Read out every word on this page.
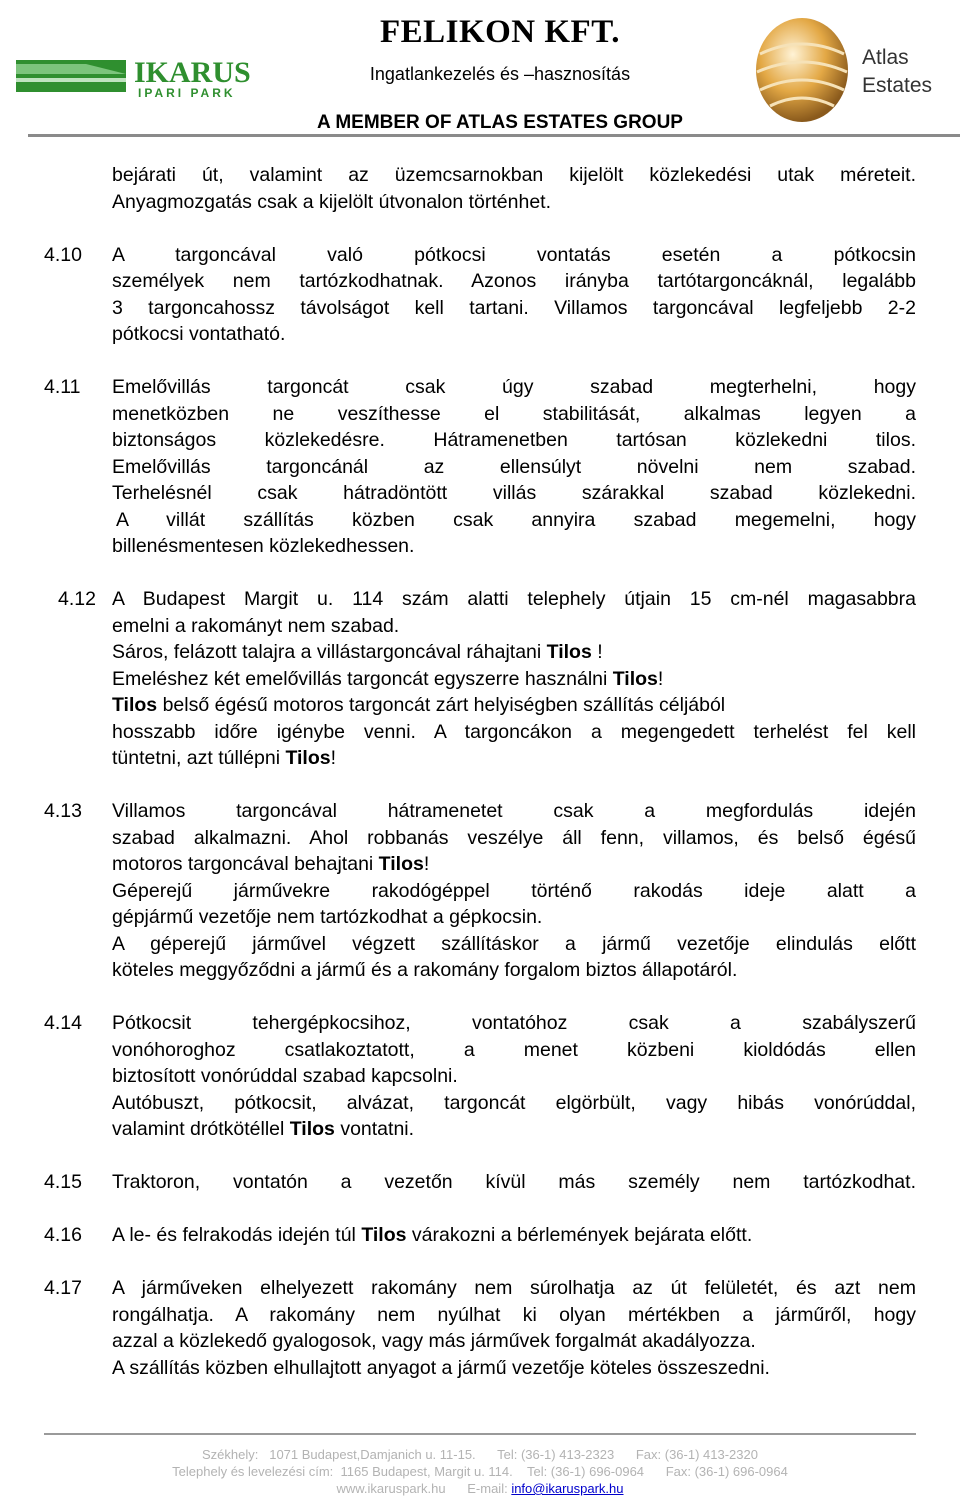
IKARUS
IPARI PARK
FELIKON KFT.
Ingatlankezelés és –hasznosítás
A MEMBER OF ATLAS ESTATES GROUP
Atlas
Estates
bejárati út, valamint az üzemcsarnokban kijelölt közlekedési utak méreteit.
Anyagmozgatás csak a kijelölt útvonalon történhet.
4.10 A targoncával való pótkocsi vontatás esetén a pótkocsin
személyek nem tartózkodhatnak. Azonos irányba tartótargoncáknál, legalább
3 targoncahossz távolságot kell tartani. Villamos targoncával legfeljebb 2-2
pótkocsi vontatható.
4.11 Emelővillás targoncát csak úgy szabad megterhelni, hogy
menetközben ne veszíthesse el stabilitását, alkalmas legyen a
biztonságos közlekedésre. Hátramenetben tartósan közlekedni tilos.
Emelővillás targoncánál az ellensúlyt növelni nem szabad.
Terhelésnél csak hátradöntött villás szárakkal szabad közlekedni.
A villát szállítás közben csak annyira szabad megemelni, hogy
billenésmentesen közlekedhessen.
4.12 A Budapest Margit u. 114 szám alatti telephely útjain 15 cm-nél magasabbra
emelni a rakományt nem szabad.
Sáros, felázott talajra a villástargoncával ráhajtani Tilos !
Emeléshez két emelővillás targoncát egyszerre használni Tilos!
Tilos belső égésű motoros targoncát zárt helyiségben szállítás céljából
hosszabb időre igénybe venni. A targoncákon a megengedett terhelést fel kell
tüntetni, azt túllépni Tilos!
4.13 Villamos targoncával hátramenetet csak a megfordulás idején
szabad alkalmazni. Ahol robbanás veszélye áll fenn, villamos, és belső égésű
motoros targoncával behajtani Tilos!
Géperejű járművekre rakodógéppel történő rakodás ideje alatt a
gépjármű vezetője nem tartózkodhat a gépkocsin.
A géperejű járművel végzett szállításkor a jármű vezetője elindulás előtt
köteles meggyőződni a jármű és a rakomány forgalom biztos állapotáról.
4.14 Pótkocsit tehergépkocsihoz, vontatóhoz csak a szabályszerű
vonóhoroghoz csatlakoztatott, a menet közbeni kioldódás ellen
biztosított vonórúddal szabad kapcsolni.
Autóbuszt, pótkocsit, alvázat, targoncát elgörbült, vagy hibás vonórúddal,
valamint drótkötéllel Tilos vontatni.
4.15 Traktoron, vontatón a vezetőn kívül más személy nem tartózkodhat.
4.16 A le- és felrakodás idején túl Tilos várakozni a bérlemények bejárata előtt.
4.17 A járműveken elhelyezett rakomány nem súrolhatja az út felületét, és azt nem
rongálhatja. A rakomány nem nyúlhat ki olyan mértékben a járműről, hogy
azzal a közlekedő gyalogosok, vagy más járművek forgalmát akadályozza.
A szállítás közben elhullajtott anyagot a jármű vezetője köteles összeszedni.
Székhely:   1071 Budapest,Damjanich u. 11-15.      Tel: (36-1) 413-2323      Fax: (36-1) 413-2320
Telephely és levelezési cím:  1165 Budapest, Margit u. 114.    Tel: (36-1) 696-0964      Fax: (36-1) 696-0964
www.ikaruspark.hu      E-mail: info@ikaruspark.hu
